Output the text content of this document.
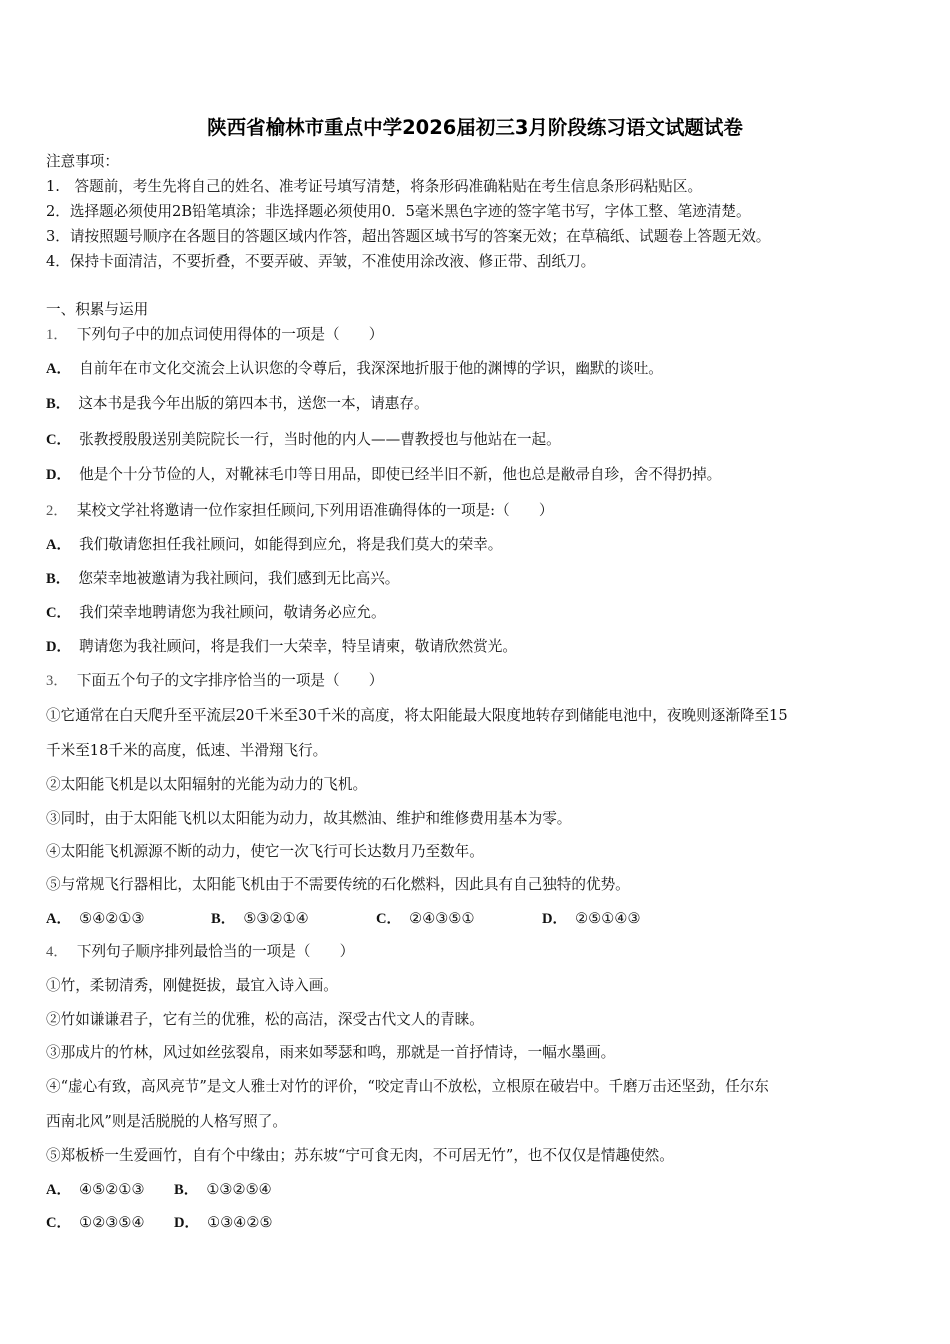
陕西省榆林市重点中学2026届初三3月阶段练习语文试题试卷
注意事项：
1.　答题前，考生先将自己的姓名、准考证号填写清楚，将条形码准确粘贴在考生信息条形码粘贴区。
2．选择题必须使用2B铅笔填涂；非选择题必须使用0．5毫米黑色字迹的签字笔书写，字体工整、笔迹清楚。
3．请按照题号顺序在各题目的答题区域内作答，超出答题区域书写的答案无效；在草稿纸、试题卷上答题无效。
4．保持卡面清洁，不要折叠，不要弄破、弄皱，不准使用涂改液、修正带、刮纸刀。
一、积累与运用
1． 下列句子中的加点词使用得体的一项是（　　）
A． 自前年在市文化交流会上认识您的令尊后，我深深地折服于他的渊博的学识，幽默的谈吐。
B． 这本书是我今年出版的第四本书，送您一本，请惠存。
C． 张教授殷殷送别美院院长一行，当时他的内人——曹教授也与他站在一起。
D． 他是个十分节俭的人，对靴袜毛巾等日用品，即使已经半旧不新，他也总是敝帚自珍，舍不得扔掉。
2． 某校文学社将邀请一位作家担任顾问,下列用语准确得体的一项是:（　　）
A． 我们敬请您担任我社顾问，如能得到应允，将是我们莫大的荣幸。
B． 您荣幸地被邀请为我社顾问，我们感到无比高兴。
C． 我们荣幸地聘请您为我社顾问，敬请务必应允。
D． 聘请您为我社顾问，将是我们一大荣幸，特呈请柬，敬请欣然赏光。
3． 下面五个句子的文字排序恰当的一项是（　　）
①它通常在白天爬升至平流层20千米至30千米的高度，将太阳能最大限度地转存到储能电池中，夜晚则逐渐降至15
千米至18千米的高度，低速、半滑翔飞行。
②太阳能飞机是以太阳辐射的光能为动力的飞机。
③同时，由于太阳能飞机以太阳能为动力，故其燃油、维护和维修费用基本为零。
④太阳能飞机源源不断的动力，使它一次飞行可长达数月乃至数年。
⑤与常规飞行器相比，太阳能飞机由于不需要传统的石化燃料，因此具有自己独特的优势。
A． ⑤④②①③	B． ⑤③②①④	C． ②④③⑤①	D． ②⑤①④③
4． 下列句子顺序排列最恰当的一项是（　　）
①竹，柔韧清秀，刚健挺拔，最宜入诗入画。
②竹如谦谦君子，它有兰的优雅，松的高洁，深受古代文人的青睐。
③那成片的竹林，风过如丝弦裂帛，雨来如琴瑟和鸣，那就是一首抒情诗，一幅水墨画。
④“虚心有致，高风亮节”是文人雅士对竹的评价，“咬定青山不放松，立根原在破岩中。千磨万击还坚劲，任尔东
西南北风”则是活脱脱的人格写照了。
⑤郑板桥一生爱画竹，自有个中缘由；苏东坡“宁可食无肉，不可居无竹”，也不仅仅是情趣使然。
A． ④⑤②①③ B． ①③②⑤④
C． ①②③⑤④ D． ①③④②⑤
